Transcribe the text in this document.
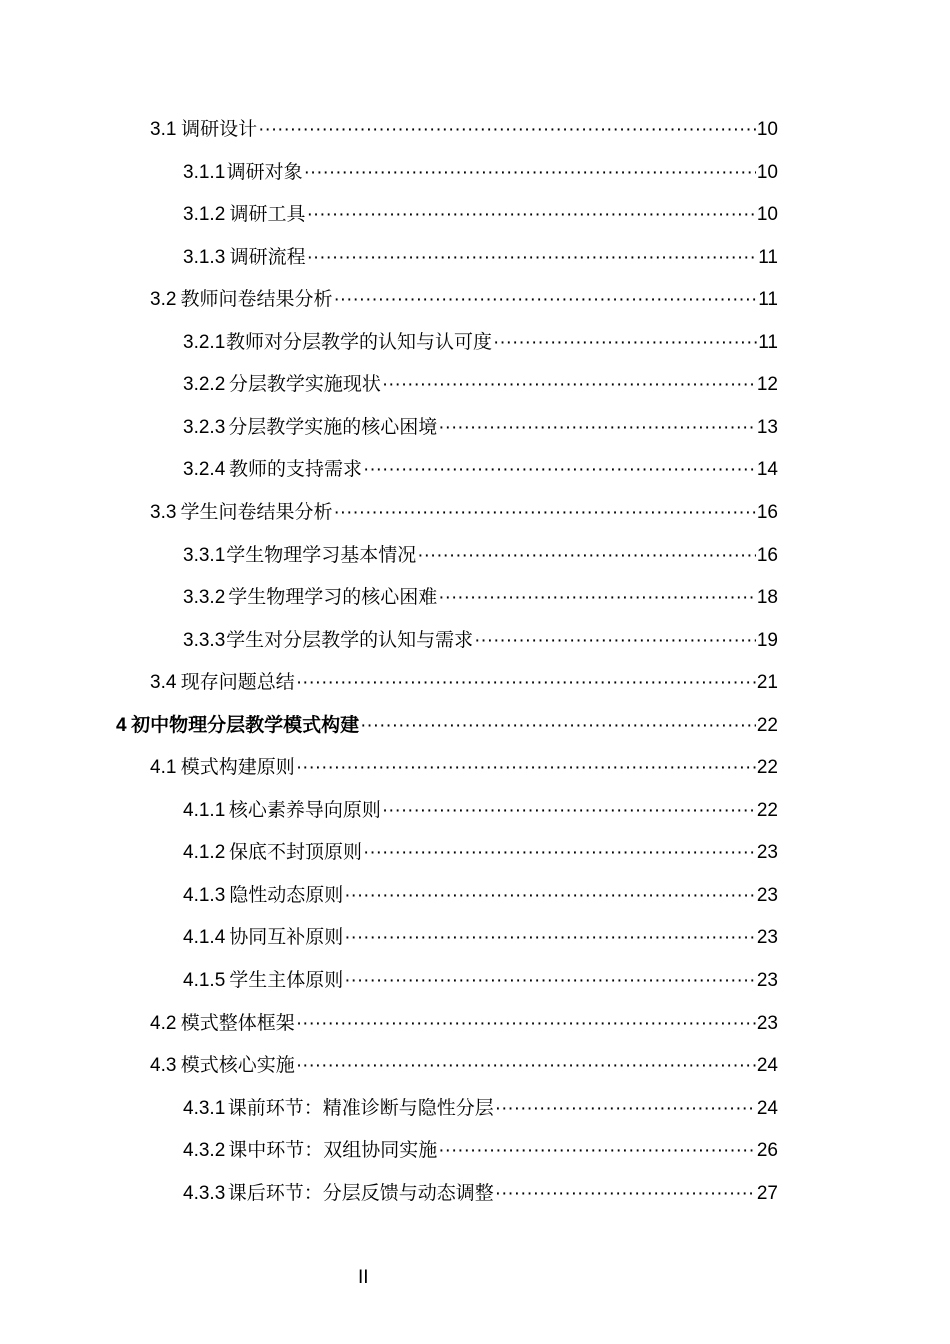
3.1 调研设计 ·····	10
3.1.1 调研对象 ·····	10
3.1.2 调研工具 ·····	10
3.1.3 调研流程 ·····	11
3.2 教师问卷结果分析 ·····	11
3.2.1 教师对分层教学的认知与认可度 ·····	11
3.2.2 分层教学实施现状 ·····	12
3.2.3 分层教学实施的核心困境 ·····	13
3.2.4 教师的支持需求 ·····	14
3.3 学生问卷结果分析 ·····	16
3.3.1 学生物理学习基本情况 ·····	16
3.3.2 学生物理学习的核心困难 ·····	18
3.3.3 学生对分层教学的认知与需求 ·····	19
3.4 现存问题总结 ·····	21
4 初中物理分层教学模式构建 ·····	22
4.1 模式构建原则 ·····	22
4.1.1 核心素养导向原则 ·····	22
4.1.2 保底不封顶原则 ·····	23
4.1.3 隐性动态原则 ·····	23
4.1.4 协同互补原则 ·····	23
4.1.5 学生主体原则 ·····	23
4.2 模式整体框架 ·····	23
4.3 模式核心实施 ·····	24
4.3.1 课前环节：精准诊断与隐性分层 ·····	24
4.3.2 课中环节：双组协同实施 ·····	26
4.3.3 课后环节：分层反馈与动态调整 ·····	27
II
